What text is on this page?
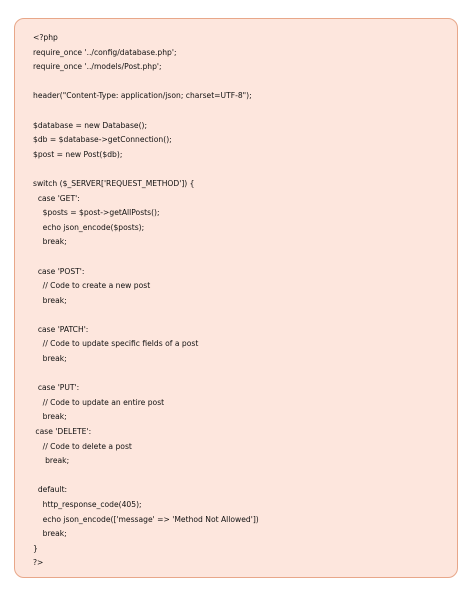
<?php
require_once '../config/database.php';
require_once '../models/Post.php';

header("Content-Type: application/json; charset=UTF-8");

$database = new Database();
$db = $database->getConnection();
$post = new Post($db);

switch ($_SERVER['REQUEST_METHOD']) {
case 'GET':
$posts = $post->getAllPosts();
echo json_encode($posts);
break;

case 'POST':
// Code to create a new post
break;

case 'PATCH':
// Code to update specific fields of a post
break;

case 'PUT':
// Code to update an entire post
break;
case 'DELETE':
// Code to delete a post
break;

default:
http_response_code(405);
echo json_encode(['message' => 'Method Not Allowed'])
break;
}
?>
